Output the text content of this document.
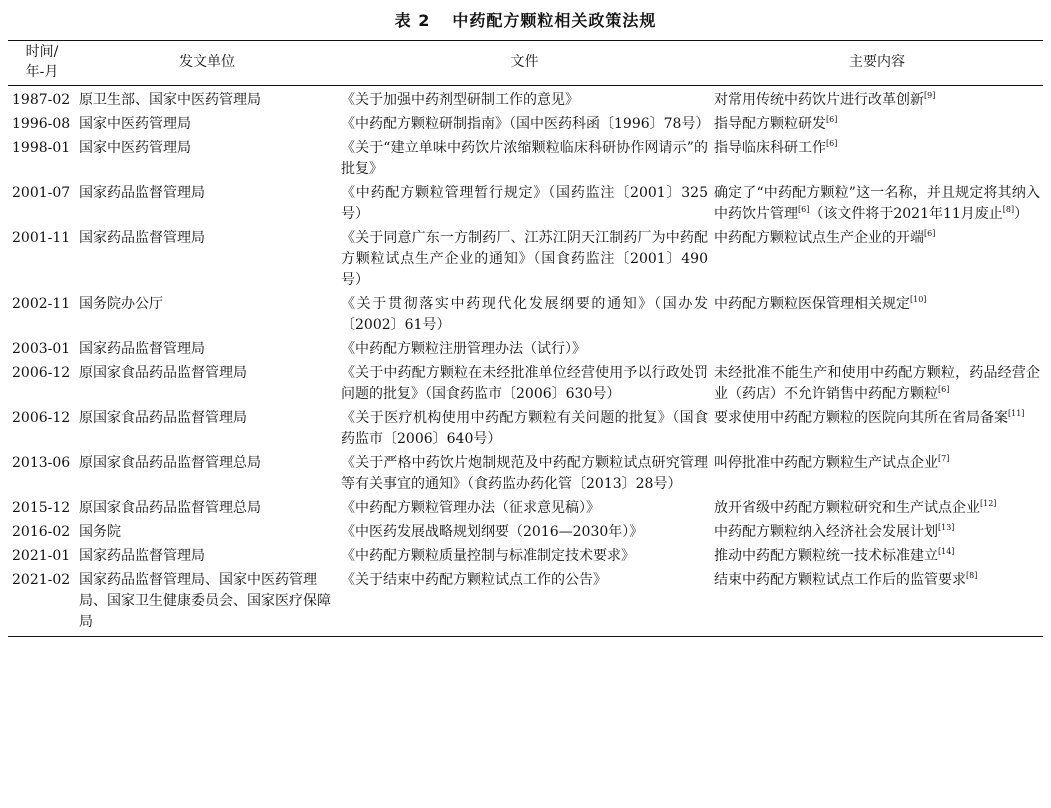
表 2 中药配方颗粒相关政策法规
时间/
年-月	发文单位	文件	主要内容
1987-02	原卫生部、国家中医药管理局	《关于加强中药剂型研制工作的意见》	对常用传统中药饮片进行改革创新[9]
1996-08	国家中医药管理局	《中药配方颗粒研制指南》（国中医药科函〔1996〕78号）	指导配方颗粒研发[6]
1998-01	国家中医药管理局	《关于“建立单味中药饮片浓缩颗粒临床科研协作网请示”的批复》	指导临床科研工作[6]
2001-07	国家药品监督管理局	《中药配方颗粒管理暂行规定》（国药监注〔2001〕325号）	确定了“中药配方颗粒”这一名称，并且规定将其纳入中药饮片管理[6]（该文件将于2021年11月废止[8]）
2001-11	国家药品监督管理局	《关于同意广东一方制药厂、江苏江阴天江制药厂为中药配方颗粒试点生产企业的通知》（国食药监注〔2001〕490号）	中药配方颗粒试点生产企业的开端[6]
2002-11	国务院办公厅	《关于贯彻落实中药现代化发展纲要的通知》（国办发〔2002〕61号）	中药配方颗粒医保管理相关规定[10]
2003-01	国家药品监督管理局	《中药配方颗粒注册管理办法（试行）》	
2006-12	原国家食品药品监督管理局	《关于中药配方颗粒在未经批准单位经营使用予以行政处罚问题的批复》（国食药监市〔2006〕630号）	未经批准不能生产和使用中药配方颗粒，药品经营企业（药店）不允许销售中药配方颗粒[6]
2006-12	原国家食品药品监督管理局	《关于医疗机构使用中药配方颗粒有关问题的批复》（国食药监市〔2006〕640号）	要求使用中药配方颗粒的医院向其所在省局备案[11]
2013-06	原国家食品药品监督管理总局	《关于严格中药饮片炮制规范及中药配方颗粒试点研究管理等有关事宜的通知》（食药监办药化管〔2013〕28号）	叫停批准中药配方颗粒生产试点企业[7]
2015-12	原国家食品药品监督管理总局	《中药配方颗粒管理办法（征求意见稿）》	放开省级中药配方颗粒研究和生产试点企业[12]
2016-02	国务院	《中医药发展战略规划纲要（2016—2030年）》	中药配方颗粒纳入经济社会发展计划[13]
2021-01	国家药品监督管理局	《中药配方颗粒质量控制与标准制定技术要求》	推动中药配方颗粒统一技术标准建立[14]
2021-02	国家药品监督管理局、国家中医药管理局、国家卫生健康委员会、国家医疗保障局	《关于结束中药配方颗粒试点工作的公告》	结束中药配方颗粒试点工作后的监管要求[8]
